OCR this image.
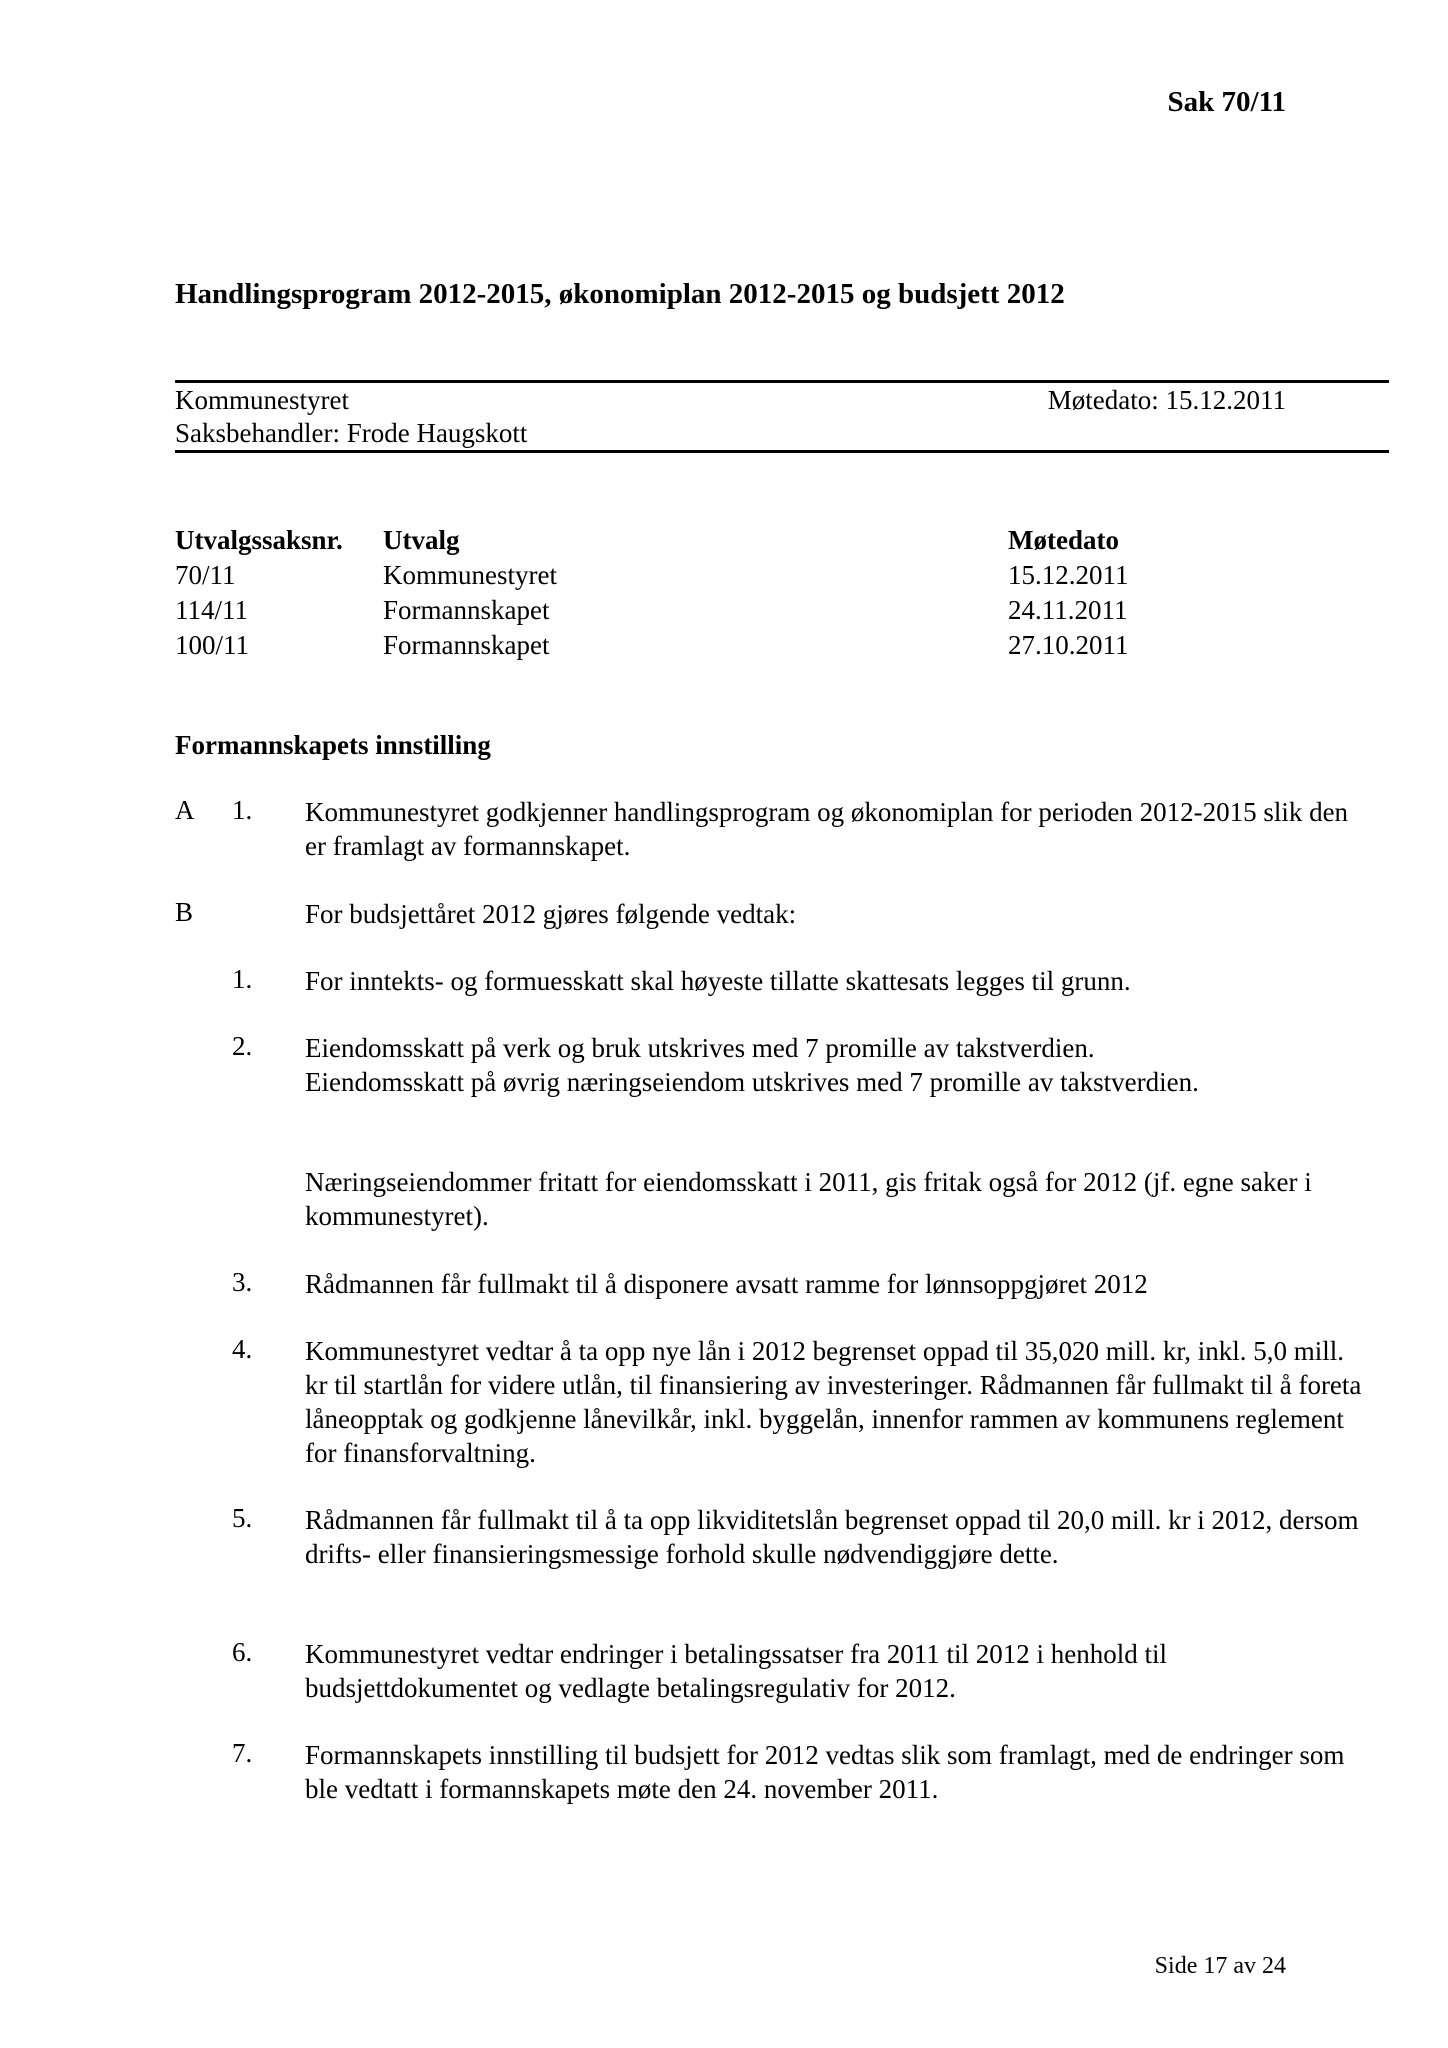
Sak 70/11
Handlingsprogram 2012-2015, økonomiplan 2012-2015 og budsjett 2012
Kommunestyret	Møtedato: 15.12.2011
Saksbehandler: Frode Haugskott
Utvalgssaksnr. Utvalg	Møtedato
70/11	Kommunestyret	15.12.2011
114/11	Formannskapet	24.11.2011
100/11	Formannskapet	27.10.2011
Formannskapets innstilling
A 1. Kommunestyret godkjenner handlingsprogram og økonomiplan for perioden 2012-2015 slik den er framlagt av formannskapet.
B	For budsjettåret 2012 gjøres følgende vedtak:
1. For inntekts- og formuesskatt skal høyeste tillatte skattesats legges til grunn.
2. Eiendomsskatt på verk og bruk utskrives med 7 promille av takstverdien. Eiendomsskatt på øvrig næringseiendom utskrives med 7 promille av takstverdien.
Næringseiendommer fritatt for eiendomsskatt i 2011, gis fritak også for 2012 (jf. egne saker i kommunestyret).
3. Rådmannen får fullmakt til å disponere avsatt ramme for lønnsoppgjøret 2012
4. Kommunestyret vedtar å ta opp nye lån i 2012 begrenset oppad til 35,020 mill. kr, inkl. 5,0 mill. kr til startlån for videre utlån, til finansiering av investeringer. Rådmannen får fullmakt til å foreta låneopptak og godkjenne lånevilkår, inkl. byggelån, innenfor rammen av kommunens reglement for finansforvaltning.
5. Rådmannen får fullmakt til å ta opp likviditetslån begrenset oppad til 20,0 mill. kr i 2012, dersom drifts- eller finansieringsmessige forhold skulle nødvendiggjøre dette.
6. Kommunestyret vedtar endringer i betalingssatser fra 2011 til 2012 i henhold til budsjettdokumentet og vedlagte betalingsregulativ for 2012.
7. Formannskapets innstilling til budsjett for 2012 vedtas slik som framlagt, med de endringer som ble vedtatt i formannskapets møte den 24. november 2011.
Side 17 av 24
